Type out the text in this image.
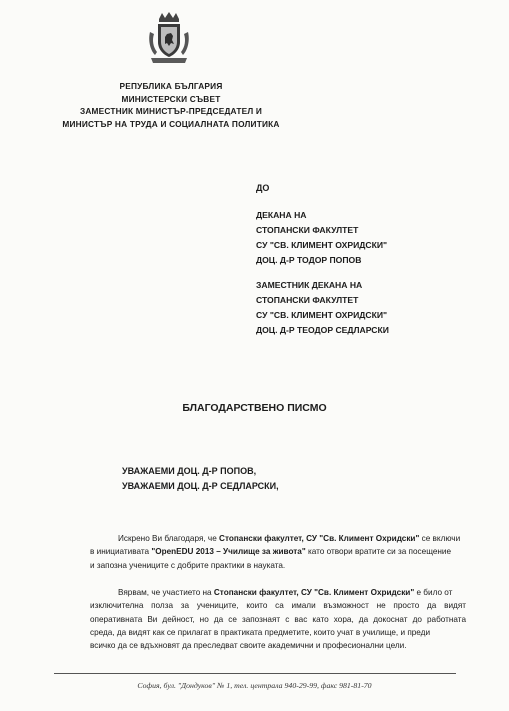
РЕПУБЛИКА БЪЛГАРИЯ
МИНИСТЕРСКИ СЪВЕТ
ЗАМЕСТНИК МИНИСТЪР-ПРЕДСЕДАТЕЛ И
МИНИСТЪР НА ТРУДА И СОЦИАЛНАТА ПОЛИТИКА
ДО
ДЕКАНА НА
СТОПАНСКИ ФАКУЛТЕТ
СУ "СВ. КЛИМЕНТ ОХРИДСКИ"
ДОЦ. Д-Р ТОДОР ПОПОВ
ЗАМЕСТНИК ДЕКАНА НА
СТОПАНСКИ ФАКУЛТЕТ
СУ "СВ. КЛИМЕНТ ОХРИДСКИ"
ДОЦ. Д-Р ТЕОДОР СЕДЛАРСКИ
БЛАГОДАРСТВЕНО ПИСМО
УВАЖАЕМИ ДОЦ. Д-Р ПОПОВ,
УВАЖАЕМИ ДОЦ. Д-Р СЕДЛАРСКИ,
Искрено Ви благодаря, че Стопански факултет, СУ "Св. Климент Охридски" се включи
в инициативата "OpenEDU 2013 – Училище за живота" като отвори вратите си за посещение
и запозна учениците с добрите практики в науката.
Вярвам, че участието на Стопански факултет, СУ "Св. Климент Охридски" е било от
изключителна полза за учениците, които са имали възможност не просто да видят
оперативната Ви дейност, но да се запознаят с вас като хора, да докоснат до работната
среда, да видят как се прилагат в практиката предметите, които учат в училище, и преди
всичко да се вдъхновят да преследват своите академични и професионални цели.
София, бул. "Дондуков" № 1, тел. централа 940-29-99, факс 981-81-70
